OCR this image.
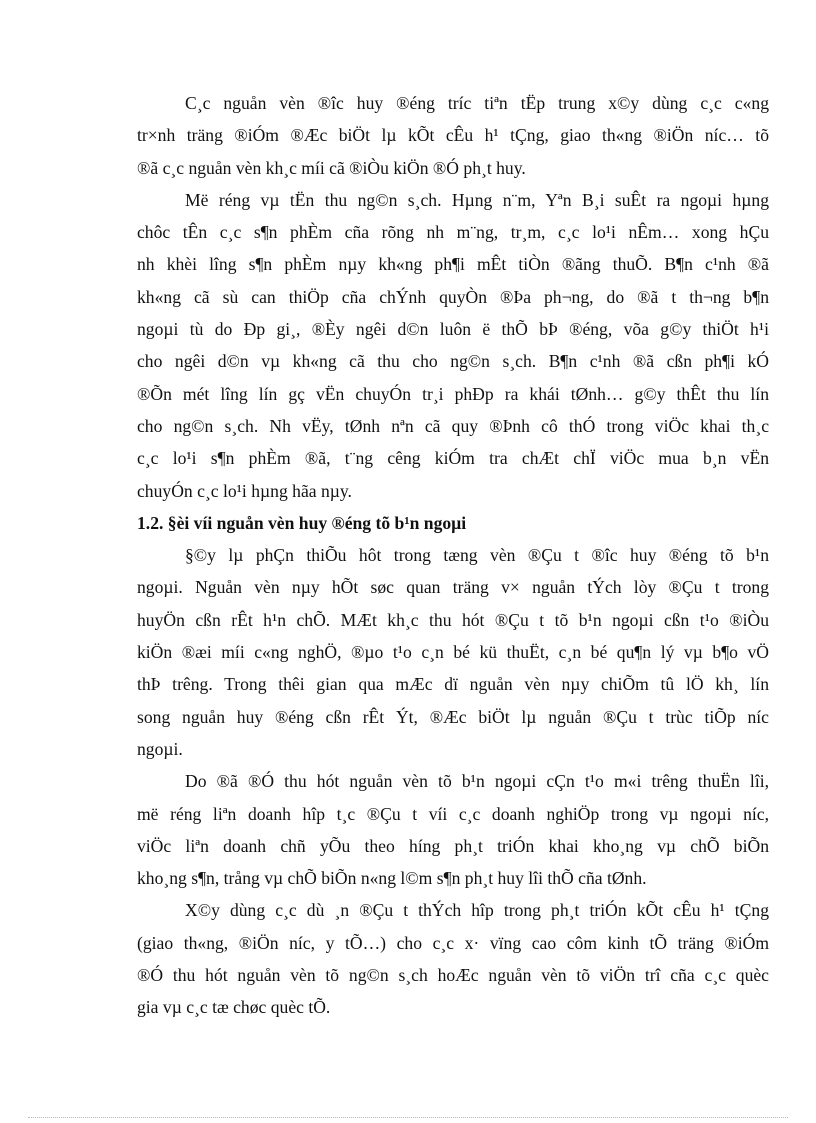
C¸c nguån vèn ®îc huy ®éng tríc tiªn tËp trung x©y dùng c¸c c«ng
tr×nh träng ®iÓm ®Æc biÖt lµ kÕt cÊu h¹ tÇng, giao th«ng ®iÖn níc… tõ
®ã c¸c nguån vèn kh¸c míi cã ®iÒu kiÖn ®Ó ph¸t huy.
Më réng vµ tËn thu ng©n s¸ch. Hµng n¨m, Yªn B¸i suÊt ra ngoµi hµng
chôc tÊn c¸c s¶n phÈm cña rõng nh m¨ng, tr¸m, c¸c lo¹i nÊm… xong hÇu
nh khèi lîng s¶n phÈm nµy kh«ng ph¶i mÊt tiÒn ®ãng thuÕ. B¶n c¹nh ®ã
kh«ng cã sù can thiÖp cña chÝnh quyÒn ®Þa ph¬ng, do ®ã t th¬ng b¶n
ngoµi tù do Ðp gi¸, ®Èy ngêi d©n luôn ë thÕ bÞ ®éng, võa g©y thiÖt h¹i
cho ngêi d©n vµ kh«ng cã thu cho ng©n s¸ch. B¶n c¹nh ®ã cßn ph¶i kÓ
®Õn mét lîng lín gç vËn chuyÓn tr¸i phÐp ra khái tØnh… g©y thÊt thu lín
cho ng©n s¸ch. Nh vËy, tØnh nªn cã quy ®Þnh cô thÓ trong viÖc khai th¸c
c¸c lo¹i s¶n phÈm ®ã, t¨ng cêng kiÓm tra chÆt chÏ viÖc mua b¸n vËn
chuyÓn c¸c lo¹i hµng hãa nµy.
1.2. §èi víi nguån vèn huy ®éng tõ b¹n ngoµi
§©y lµ phÇn thiÕu hôt trong tæng vèn ®Çu t ®îc huy ®éng tõ b¹n
ngoµi. Nguån vèn nµy hÕt søc quan träng v× nguån tÝch lòy ®Çu t trong
huyÖn cßn rÊt h¹n chÕ. MÆt kh¸c thu hót ®Çu t tõ b¹n ngoµi cßn t¹o ®iÒu
kiÖn ®æi míi c«ng nghÖ, ®µo t¹o c¸n bé kü thuËt, c¸n bé qu¶n lý vµ b¶o vÖ
thÞ trêng. Trong thêi gian qua mÆc dï nguån vèn nµy chiÕm tû lÖ kh¸ lín
song nguån huy ®éng cßn rÊt Ýt, ®Æc biÖt lµ nguån ®Çu t trùc tiÕp níc
ngoµi.
Do ®ã ®Ó thu hót nguån vèn tõ b¹n ngoµi cÇn t¹o m«i trêng thuËn lîi,
më réng liªn doanh hîp t¸c ®Çu t víi c¸c doanh nghiÖp trong vµ ngoµi níc,
viÖc liªn doanh chñ yÕu theo híng ph¸t triÓn khai kho¸ng vµ chÕ biÕn
kho¸ng s¶n, trång vµ chÕ biÕn n«ng l©m s¶n ph¸t huy lîi thÕ cña tØnh.
X©y dùng c¸c dù ¸n ®Çu t thÝch hîp trong ph¸t triÓn kÕt cÊu h¹ tÇng
(giao th«ng, ®iÖn níc, y tÕ…) cho c¸c x· vïng cao côm kinh tÕ träng ®iÓm
®Ó thu hót nguån vèn tõ ng©n s¸ch hoÆc nguån vèn tõ viÖn trî cña c¸c quèc
gia vµ c¸c tæ chøc quèc tÕ.
